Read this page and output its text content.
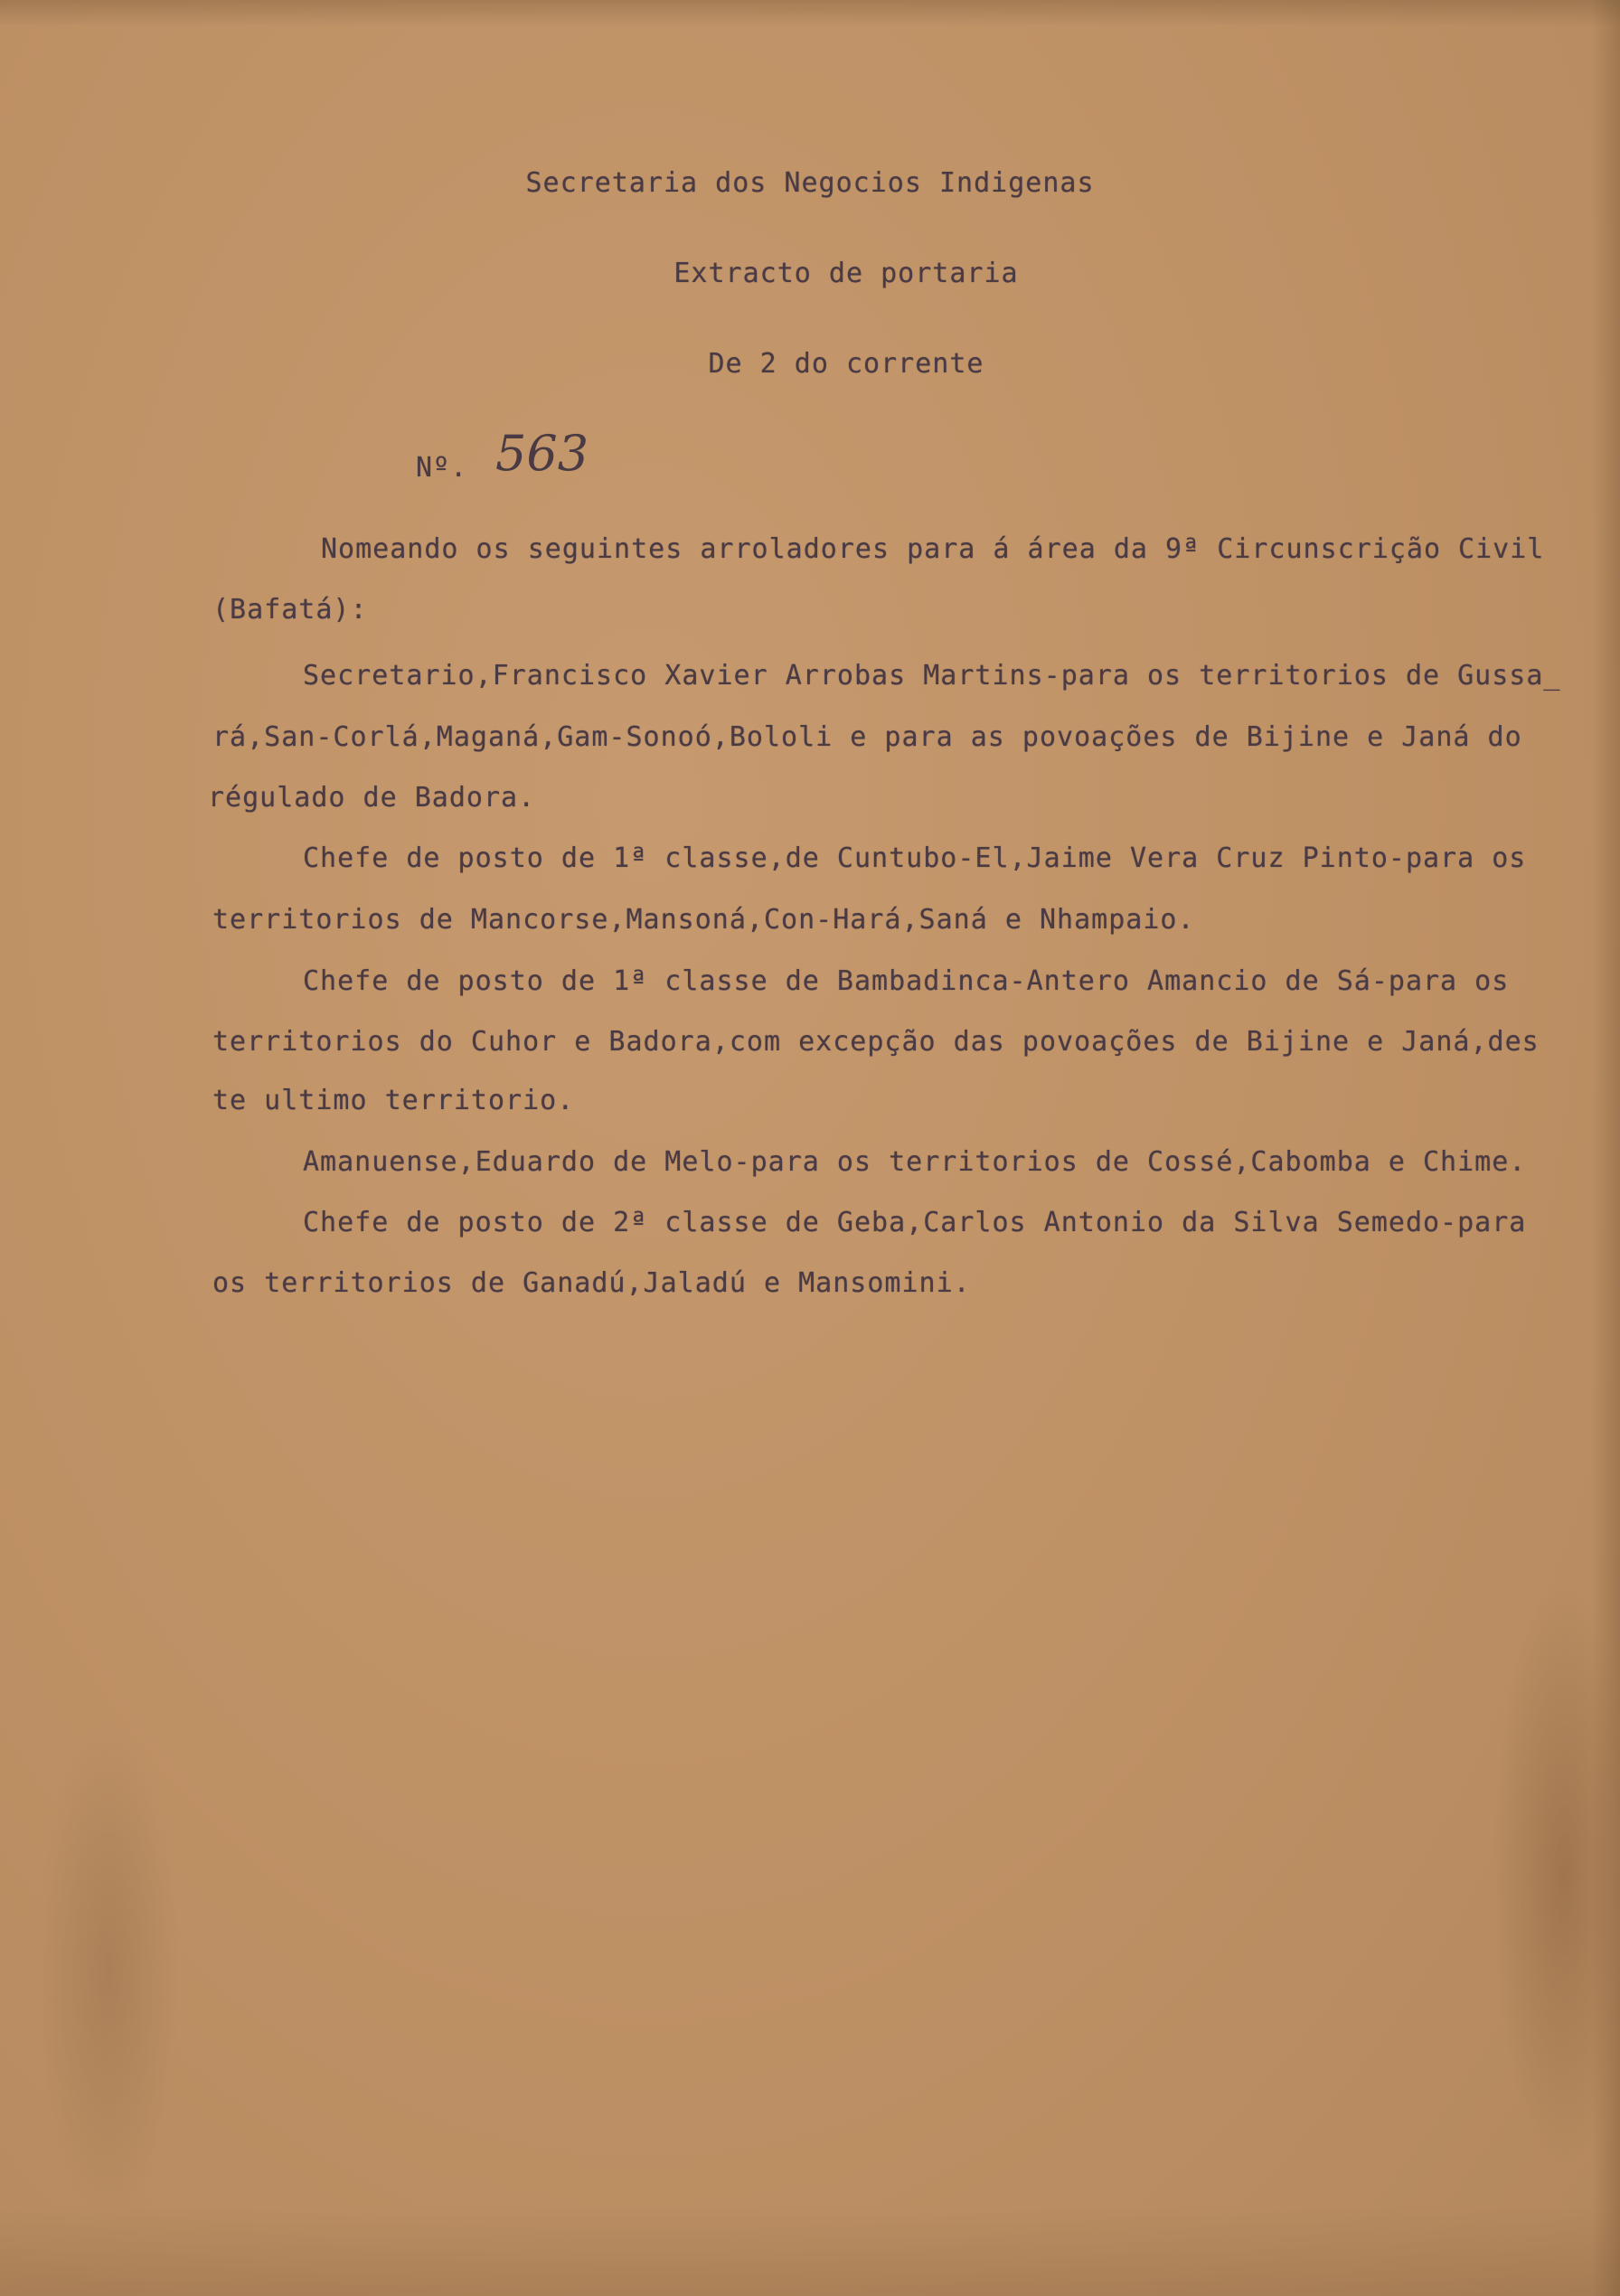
Secretaria dos Negocios Indigenas
Extracto de portaria
De 2 do corrente
Nº. 563
Nomeando os seguintes arroladores para á área da 9ª Circunscrição Civil
(Bafatá):
Secretario,Francisco Xavier Arrobas Martins-para os territorios de Gussa_
rá,San-Corlá,Maganá,Gam-Sonoó,Bololi e para as povoações de Bijine e Janá do
régulado de Badora.
Chefe de posto de 1ª classe,de Cuntubo-El,Jaime Vera Cruz Pinto-para os
territorios de Mancorse,Mansoná,Con-Hará,Saná e Nhampaio.
Chefe de posto de 1ª classe de Bambadinca-Antero Amancio de Sá-para os
territorios do Cuhor e Badora,com excepção das povoações de Bijine e Janá,des
te ultimo territorio.
Amanuense,Eduardo de Melo-para os territorios de Cossé,Cabomba e Chime.
Chefe de posto de 2ª classe de Geba,Carlos Antonio da Silva Semedo-para
os territorios de Ganadú,Jaladú e Mansomini.
